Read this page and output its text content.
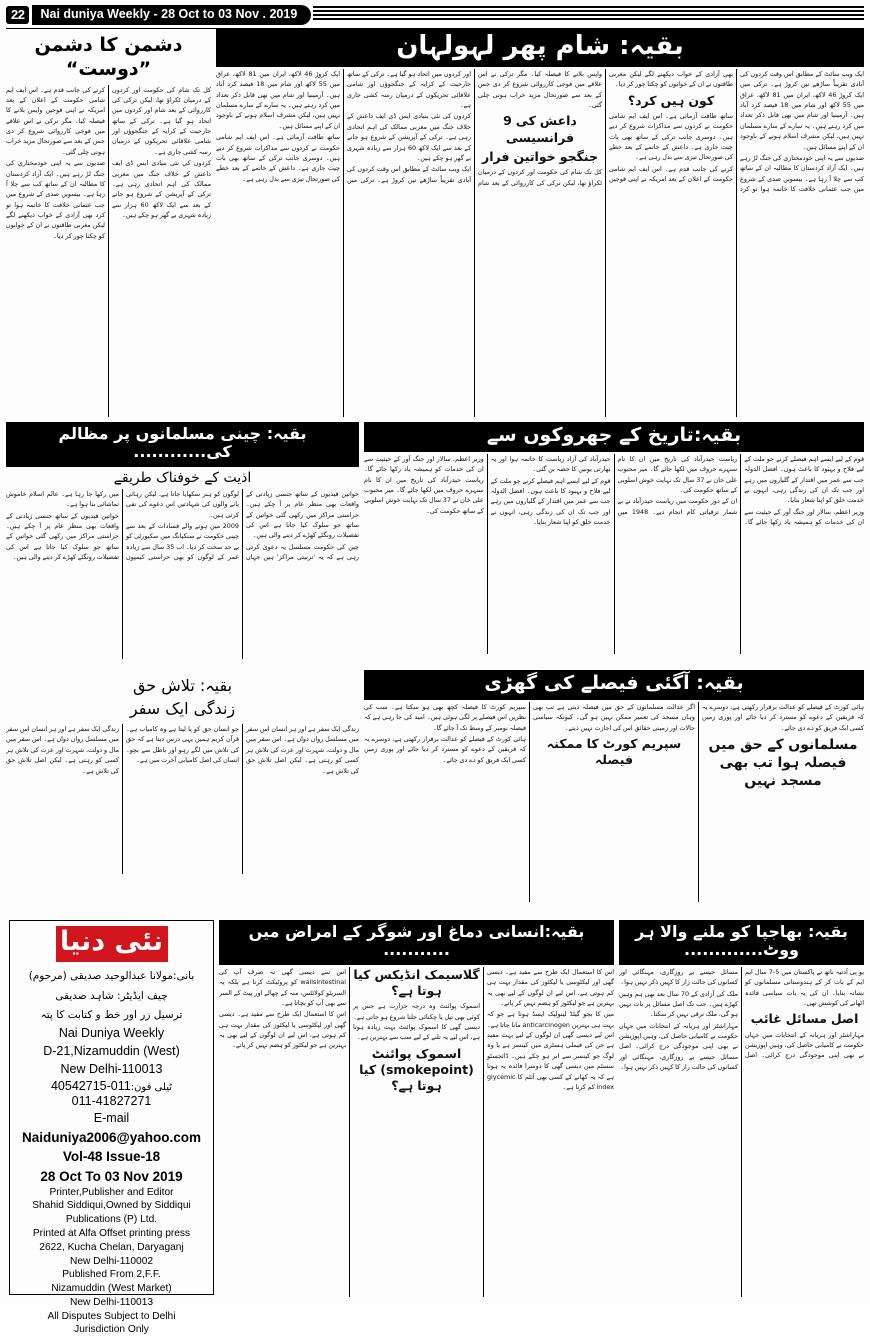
22	Nai duniya Weekly - 28 Oct to 03 Nov . 2019
بقیہ: شام پھر لہولہان

ایک ویب سائٹ کے مطابق اس وقت کردوں کی آبادی تقریباً ساڑھے تین کروڑ ہے۔ ترکی میں ایک کروڑ 46 لاکھ، ایران میں 81 لاکھ، عراق میں 55 لاکھ اور شام میں 18 فیصد کرد آباد ہیں۔ آرمینیا اور شام میں بھی قابل ذکر تعداد میں کرد رہتے ہیں۔ یہ سارے کے سارے مسلمان نہیں ہیں، لیکن مشرف اسلام ہونے کے باوجود ان کے اپنے مسائل ہیں۔

صدیوں سے یہ اپنی خودمختاری کی جنگ لڑ رہے ہیں۔ ایک آزاد کردستان کا مطالبہ ان کے ساتھ کب سے چلا آ رہا ہے۔ بیسویں صدی کے شروع میں جب عثمانی خلافت کا خاتمہ ہوا تو کرد بھی آزادی کے خواب دیکھنے لگے لیکن مغربی طاقتوں نے ان کے خوابوں کو چکنا چور کر دیا۔

کون ہیں کرد؟

ساتھ طاقت آزمائی ہے۔ اس ایف ایم شامی حکومت نے کردوں سے مذاکرات شروع کر دیے ہیں۔ دوسری جانب ترکی کے ساتھ بھی بات چیت جاری ہے۔ داعش کے خاتمے کے بعد خطے کی صورتحال تیزی سے بدل رہی ہے۔

کرنے کی جانب قدم ہے۔ اس ایف ایم شامی حکومت کے اعلان کے بعد امریکہ نے اپنی فوجیں واپس بلانے کا فیصلہ کیا۔ مگر ترکی نے اس علاقے میں فوجی کارروائی شروع کر دی جس کے بعد سے صورتحال مزید خراب ہوتی چلی گئی۔

داعش کی 9 فرانسیسی
جنگجو خواتین فرار

کل تک شام کی حکومت اور کردوں کے درمیان ٹکراؤ تھا، لیکن ترکی کی کارروائی کے بعد شام اور کردوں میں اتحاد ہو گیا ہے۔ ترکی کے ساتھ جارحیت کے کرایہ کے جنگجوؤں اور شامی علاقائی تحریکوں کے درمیان رسہ کشی جاری ہے۔

کردوں کی نئی بنیادی ایس ڈی ایف داعش کے خلاف جنگ میں مغربی ممالک کی اہم اتحادی رہی ہے۔ ترکی کے آپریشن کے شروع ہو جانے کے بعد سے ایک لاکھ 60 ہزار سے زیادہ شہری بے گھر ہو چکے ہیں۔

ایک ویب سائٹ کے مطابق اس وقت کردوں کی آبادی تقریباً ساڑھے تین کروڑ ہے۔ ترکی میں ایک کروڑ 46 لاکھ، ایران میں 81 لاکھ، عراق میں 55 لاکھ اور شام میں 18 فیصد کرد آباد ہیں۔ آرمینیا اور شام میں بھی قابل ذکر تعداد میں کرد رہتے ہیں۔ یہ سارے کے سارے مسلمان نہیں ہیں، لیکن مشرف اسلام ہونے کے باوجود ان کے اپنے مسائل ہیں۔

ساتھ طاقت آزمائی ہے۔ اس ایف ایم شامی حکومت نے کردوں سے مذاکرات شروع کر دیے ہیں۔ دوسری جانب ترکی کے ساتھ بھی بات چیت جاری ہے۔ داعش کے خاتمے کے بعد خطے کی صورتحال تیزی سے بدل رہی ہے۔

دشمن کا دشمن ”دوست“

کل تک شام کی حکومت اور کردوں کے درمیان ٹکراؤ تھا، لیکن ترکی کی کارروائی کے بعد شام اور کردوں میں اتحاد ہو گیا ہے۔ ترکی کے ساتھ جارحیت کے کرایہ کے جنگجوؤں اور شامی علاقائی تحریکوں کے درمیان رسہ کشی جاری ہے۔

کردوں کی نئی بنیادی ایس ڈی ایف داعش کے خلاف جنگ میں مغربی ممالک کی اہم اتحادی رہی ہے۔ ترکی کے آپریشن کے شروع ہو جانے کے بعد سے ایک لاکھ 60 ہزار سے زیادہ شہری بے گھر ہو چکے ہیں۔

کرنے کی جانب قدم ہے۔ اس ایف ایم شامی حکومت کے اعلان کے بعد امریکہ نے اپنی فوجیں واپس بلانے کا فیصلہ کیا۔ مگر ترکی نے اس علاقے میں فوجی کارروائی شروع کر دی جس کے بعد سے صورتحال مزید خراب ہوتی چلی گئی۔

صدیوں سے یہ اپنی خودمختاری کی جنگ لڑ رہے ہیں۔ ایک آزاد کردستان کا مطالبہ ان کے ساتھ کب سے چلا آ رہا ہے۔ بیسویں صدی کے شروع میں جب عثمانی خلافت کا خاتمہ ہوا تو کرد بھی آزادی کے خواب دیکھنے لگے لیکن مغربی طاقتوں نے ان کے خوابوں کو چکنا چور کر دیا۔

بقیہ:تاریخ کے جھروکوں سے

قوم کے لیے ایسے اہم فیصلے کرنے جو ملت کے لیے فلاح و بہبود کا باعث ہوں۔ افضل الدولہ جب سے عمر میں اقتدار کے گلیاروں میں رہے اور جب تک ان کی زندگی رہی، انہوں نے خدمت خلق کو اپنا شعار بنایا۔

وزیر اعظم، سالار اور جنگ آور کے حیثیت سے ان کی خدمات کو ہمیشہ یاد رکھا جائے گا۔ ریاست حیدرآباد کی تاریخ میں ان کا نام سنہرے حروف میں لکھا جائے گا۔ میر محبوب علی خان نے 37 سال تک نہایت خوش اسلوبی کے ساتھ حکومت کی۔

ان کے دور حکومت میں ریاست حیدرآباد نے بے شمار ترقیاتی کام انجام دیے۔ 1948 میں حیدرآباد کی آزاد ریاست کا خاتمہ ہوا اور یہ بھارتی یونین کا حصہ بن گئی۔

قوم کے لیے ایسے اہم فیصلے کرنے جو ملت کے لیے فلاح و بہبود کا باعث ہوں۔ افضل الدولہ جب سے عمر میں اقتدار کے گلیاروں میں رہے اور جب تک ان کی زندگی رہی، انہوں نے خدمت خلق کو اپنا شعار بنایا۔

وزیر اعظم، سالار اور جنگ آور کے حیثیت سے ان کی خدمات کو ہمیشہ یاد رکھا جائے گا۔ ریاست حیدرآباد کی تاریخ میں ان کا نام سنہرے حروف میں لکھا جائے گا۔ میر محبوب علی خان نے 37 سال تک نہایت خوش اسلوبی کے ساتھ حکومت کی۔

بقیہ: چینی مسلمانوں پر مظالم کی............
اذیت کے خوفناک طریقے

خواتین قیدیوں کے ساتھ جنسی زیادتی کے واقعات بھی منظر عام پر آ چکے ہیں۔ حراستی مراکز میں رکھی گئی خواتین کے ساتھ جو سلوک کیا جاتا ہے اس کی تفصیلات رونگٹے کھڑے کر دینے والی ہیں۔

چین کی حکومت مسلسل یہ دعویٰ کرتی رہی ہے کہ یہ 'تربیتی مراکز' ہیں جہاں لوگوں کو ہنر سکھایا جاتا ہے، لیکن رہائی پانے والوں کی شہادتیں اس دعوے کی نفی کرتی ہیں۔

2009 میں ہونے والے فسادات کے بعد سے چینی حکومت نے سنکیانگ میں سکیورٹی کو بے حد سخت کر دیا۔ اب 35 سال سے زیادہ عمر کے لوگوں کو بھی حراستی کیمپوں میں رکھا جا رہا ہے۔ عالم اسلام خاموش تماشائی بنا ہوا ہے۔

خواتین قیدیوں کے ساتھ جنسی زیادتی کے واقعات بھی منظر عام پر آ چکے ہیں۔ حراستی مراکز میں رکھی گئی خواتین کے ساتھ جو سلوک کیا جاتا ہے اس کی تفصیلات رونگٹے کھڑے کر دینے والی ہیں۔

بقیہ: آگئی فیصلے کی گھڑی

ہائی کورٹ کے فیصلے کو عدالت برقرار رکھتی ہے، دوسرے یہ کہ فریقین کے دعوے کو مسترد کر دیا جائے اور پوری زمین کسی ایک فریق کو دے دی جائے۔

مسلمانوں کے حق میں فیصلہ ہوا تب بھی مسجد نہیں

اگر عدالت مسلمانوں کے حق میں فیصلہ دیتی ہے تب بھی وہاں مسجد کی تعمیر ممکن نہیں ہو گی۔ کیونکہ سیاسی حالات اور زمینی حقائق اس کی اجازت نہیں دیتے۔

سپریم کورٹ کا ممکنہ فیصلہ

سپریم کورٹ کا فیصلہ کچھ بھی ہو سکتا ہے۔ سب کی نظریں اس فیصلے پر لگی ہوئی ہیں۔ امید کی جا رہی ہے کہ فیصلہ نومبر کے وسط تک آ جائے گا۔

ہائی کورٹ کے فیصلے کو عدالت برقرار رکھتی ہے، دوسرے یہ کہ فریقین کے دعوے کو مسترد کر دیا جائے اور پوری زمین کسی ایک فریق کو دے دی جائے۔

بقیہ: تلاش حق
زندگی ایک سفر

زندگی ایک سفر ہے اور ہر انسان اس سفر میں مسلسل رواں دواں ہے۔ اس سفر میں مال و دولت، شہرت اور عزت کی تلاش ہر کسی کو رہتی ہے۔ لیکن اصل تلاش حق کی تلاش ہے۔

جو انسان حق کو پا لیتا ہے وہ کامیاب ہے۔ قرآن کریم ہمیں یہی درس دیتا ہے کہ حق کی تلاش میں لگے رہو اور باطل سے بچو۔ انسان کی اصل کامیابی آخرت میں ہے۔

زندگی ایک سفر ہے اور ہر انسان اس سفر میں مسلسل رواں دواں ہے۔ اس سفر میں مال و دولت، شہرت اور عزت کی تلاش ہر کسی کو رہتی ہے۔ لیکن اصل تلاش حق کی تلاش ہے۔

بقیہ: بھاجپا کو ملنے والا ہر ووٹ.............

یو پی آدتیہ ناتھ نے پاکستان میں 5-7 سال ایم ایم کے بات کر کے ہندوستانی مسلمانوں کو نشانہ بنایا۔ ان کی یہ بات سیاسی فائدہ اٹھانے کی کوشش تھی۔

اصل مسائل غائب

مہاراشٹر اور ہریانہ کے انتخابات میں جہاں حکومت نے کامیابی حاصل کی، وہیں اپوزیشن نے بھی اپنی موجودگی درج کرائی۔ اصل مسائل جیسے بے روزگاری، مہنگائی اور کسانوں کی حالت زار کا کہیں ذکر نہیں ہوا۔

ملک کی آزادی کے 70 سال بعد بھی ہم وہیں کھڑے ہیں۔ جب تک اصل مسائل پر بات نہیں ہو گی، ملک ترقی نہیں کر سکتا۔

مہاراشٹر اور ہریانہ کے انتخابات میں جہاں حکومت نے کامیابی حاصل کی، وہیں اپوزیشن نے بھی اپنی موجودگی درج کرائی۔ اصل مسائل جیسے بے روزگاری، مہنگائی اور کسانوں کی حالت زار کا کہیں ذکر نہیں ہوا۔

بقیہ:انسانی دماغ اور شوگر کے امراض میں ...........

اس کا استعمال ایک طرح سے مفید ہے۔ دیسی گھی اور لیکٹوسی یا لیکٹوز کی مقدار بہت ہی کم ہوتی ہے، اس لیے ان لوگوں کے لیے بھی یہ بہترین ہے جو لیکٹوز کو ہضم نہیں کر پاتے۔

میں کا بجو گیٹڈ لینولیک ایسڈ ہوتا ہے جو کہ بہت ہی بہترین anticarcinogen مانا جاتا ہے۔ اس لیے دیسی گھی ان لوگوں کے لیے بہت مفید ہے جن کی فیملی ہسٹری میں کینسر ہے یا وہ لوگ جو کینسر سے ابر ہو چکے ہیں۔ ڈائجسٹو سسٹم میں دیسی گھی کا دوسرا فائدہ یہ ہوتا ہے کہ یہ کھانے کے کسی بھی آئٹم کا glycemic index کم کرتا ہے۔

گلاسیمک انڈیکس کیا ہوتا ہے؟

اسموک پوائنٹ وہ درجہ حرارت ہے جس پر کوئی بھی تیل یا چکنائی جلنا شروع ہو جاتی ہے۔ دیسی گھی کا اسموک پوائنٹ بہت زیادہ ہوتا ہے، اس لیے یہ تلنے کے لیے سب سے بہترین ہے۔

اسموک پوائنٹ (smokepoint) کیا ہوتا ہے؟

اس سے دیسی گھی نہ صرف آپ کی wallsintestinal کو پروٹیکٹ کرتا ہے بلکہ یہ السریٹو کولائٹس، منہ کے چھالے اور پیٹ کے السر سے بھی آپ کو بچاتا ہے۔

اس کا استعمال ایک طرح سے مفید ہے۔ دیسی گھی اور لیکٹوسی یا لیکٹوز کی مقدار بہت ہی کم ہوتی ہے، اس لیے ان لوگوں کے لیے بھی یہ بہترین ہے جو لیکٹوز کو ہضم نہیں کر پاتے۔

نئی دنیا
بانی:مولانا عبدالوحید صدیقی (مرحوم)
چیف ایڈیٹر: شاہد صدیقی
ترسیل زر اور خط و کتابت کا پتہ
Nai Duniya Weekly
D-21,Nizamuddin (West)
New Delhi-110013
ٹیلی فون:011-40542715
011-41827271
E-mail
Naiduniya2006@yahoo.com
Vol-48 Issue-18
28 Oct To 03 Nov 2019
Printer,Publisher and Editor
Shahid Siddiqui,Owned by Siddiqui
Publications (P) Ltd.
Printed at Alfa Offset printing press
2622, Kucha Chelan, Daryaganj
New Delhi-110002
Published From 2,F.F.
Nizamuddin (West Market)
New Delhi-110013
All Disputes Subject to Delhi
Jurisdiction Only
